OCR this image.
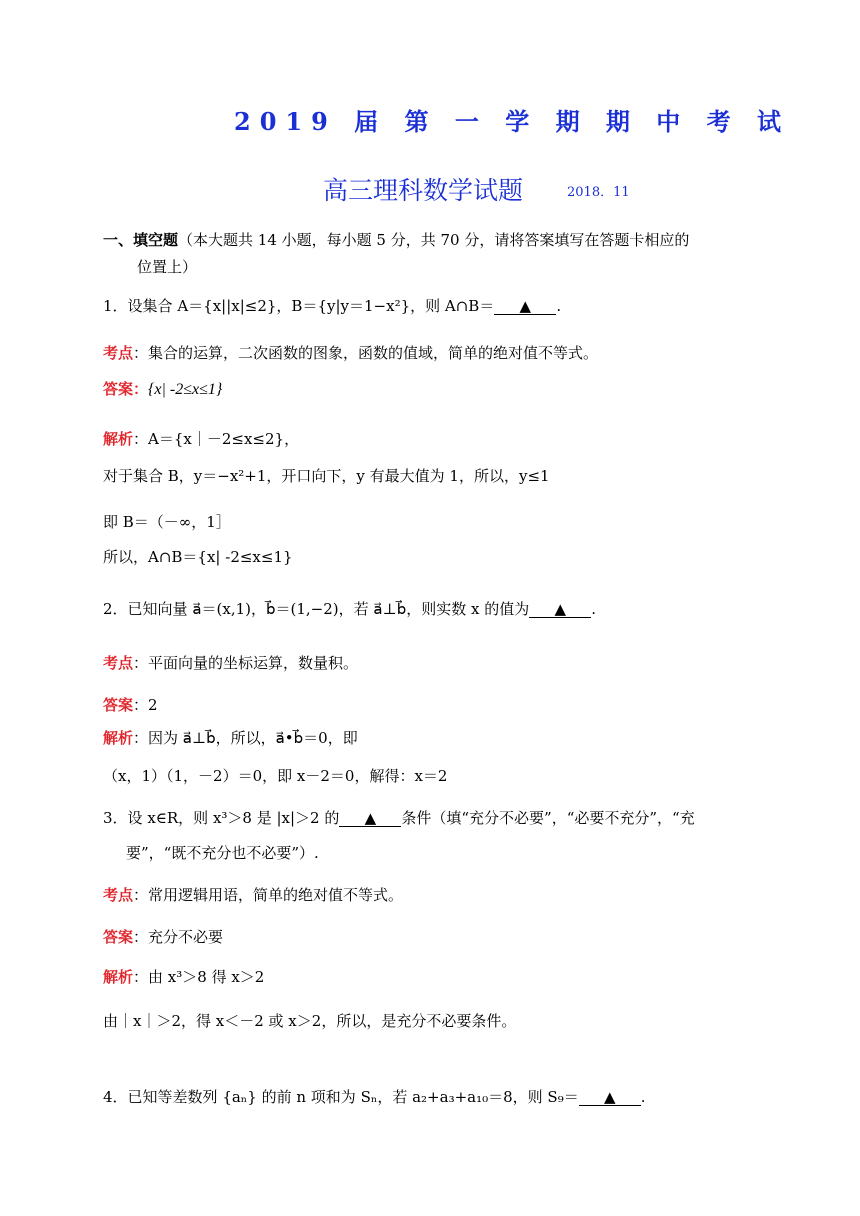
2019 届 第 一 学 期 期 中 考 试
高三理科数学试题	2018．11
一、填空题（本大题共 14 小题，每小题 5 分，共 70 分，请将答案填写在答题卡相应的
位置上）
1．设集合 A＝{x||x|≤2}，B＝{y|y＝1−x²}，则 A∩B＝ ▲ .
考点：集合的运算，二次函数的图象，函数的值域，简单的绝对值不等式。
答案：{x| -2≤x≤1}
解析：A＝{x｜－2≤x≤2}，
对于集合 B，y＝−x²+1，开口向下，y 有最大值为 1，所以，y≤1
即 B＝（－∞，1］
所以，A∩B＝{x| -2≤x≤1}
2．已知向量 a⃗＝(x,1)，b⃗＝(1,−2)，若 a⃗⊥b⃗，则实数 x 的值为 ▲ .
考点：平面向量的坐标运算，数量积。
答案：2
解析：因为 a⃗⊥b⃗，所以，a⃗•b⃗＝0，即
（x，1）（1，－2）＝0，即 x－2＝0，解得：x＝2
3．设 x∈R，则 x³＞8 是 |x|＞2 的 ▲ 条件（填“充分不必要”，“必要不充分”，“充
要”，“既不充分也不必要”）.
考点：常用逻辑用语，简单的绝对值不等式。
答案：充分不必要
解析：由 x³＞8 得 x＞2
由｜x｜＞2，得 x＜－2 或 x＞2，所以，是充分不必要条件。
4．已知等差数列 {aₙ} 的前 n 项和为 Sₙ，若 a₂+a₃+a₁₀＝8，则 S₉＝ ▲ .
